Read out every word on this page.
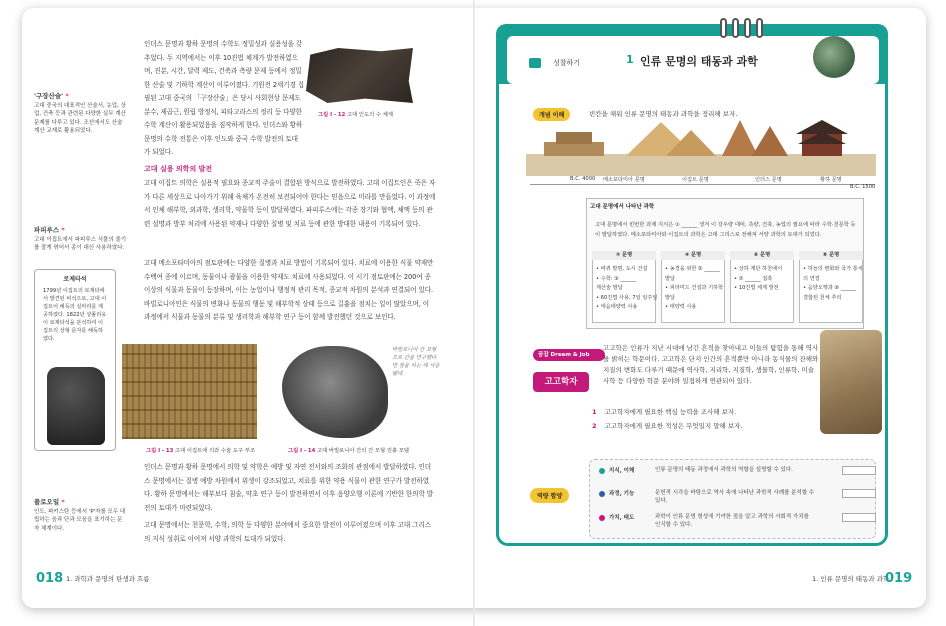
'구장산술' *
고대 중국의 대표적인 산술서, 농업, 상업, 건축 등과 관련된 다양한 실무 계산 문제를 다루고 있다. 조선에서도 산술 계산 교재로 활용되었다.
파피루스 *
고대 이집트에서 파피루스 식물의 줄기를 잘게 엮어서 종이 대신 사용하였다.
로제타석
1799년 이집트의 로제타에서 발견된 비석으로, 고대 이집트어 해독의 실마리를 제공하였다. 1822년 샹폴리옹이 로제타석을 분석하여 이집트의 상형 문자를 해독하였다.
플로오일 *
인도, 파키스탄 등에서 'P'자를 모두 대립하는 음과 단과 모음을 표기하는 문자 체계이다.
인더스 문명과 황하 문명의 수학도 정밀성과 실용성을 갖추었다. 두 지역에서는 이후 10진법 체계가 발전하였으며, 진분, 시간, 달력 제도, 건축과 측량 문제 등에서 정밀한 산술 및 기하학 계산이 이루어졌다. 기원전 2세기경 집필된 고대 중국의 「구장산술」은 당시 사회현상 문제도 분수, 제곱근, 원립 방정식, 피타고라스의 정리 등 다양한 수학 계산이 활용되었음을 짐작하게 한다. 인더스와 황하 문명의 수학 전통은 이후 인도와 중국 수학 발전의 토대가 되었다.
그림 I - 12 고대 인도의 수 체계
고대 실용 의학의 발전
고대 이집트 의학은 실용적 필요와 종교적 주술이 결합된 방식으로 발전하였다. 고대 이집트인은 죽은 자가 다른 세상으로 나아가기 위해 육체가 온전히 보전되어야 한다는 믿음으로 미라를 만들었다. 이 과정에서 인체 해부학, 외과학, 생리학, 약물학 등이 발달하였다. 파피루스에는 각종 장기와 협액, 체액 등의 관련 설명과 방부 처리에 사용된 약재나 다양한 질병 및 치료 등에 관한 방대한 내용이 기록되어 있다.
고대 메소포타미아의 점토판에는 다양한 질병과 치료 방법이 기록되어 있다. 치료에 이용한 식물 약재만 수백여 종에 이르며, 동물이나 광물을 이용한 약재도 치료에 사용되었다. 이 시기 점토판에는 200여 종 이상의 식물과 동물이 등장하며, 이는 농업이나 행정적 관리 목적, 종교적 차원의 분석과 연결되어 있다. 바빌로니아인은 식물의 변화나 동물의 행동 및 해부학적 상태 등으로 길흉을 점치는 일이 많았으며, 이 과정에서 식물과 동물의 분류 및 생리학과 해부학 연구 등이 함께 발전했던 것으로 보인다.
바빌로니아 간 모형으로 간을 연구했다면 점을 치는 데 사용됐대.
그림 I - 13 고대 이집트에 의과 수술 도구 부조	그림 I - 14 고대 바빌로니아 간의 간 모형 진흙 모델
인더스 문명과 황하 문명에서 의학 및 약학은 예방 및 자연 전서와의 조화의 관점에서 발달하였다. 인더스 문명에서는 질병 예방 차원에서 위생이 강조되었고, 치료를 위한 약용 식물이 관한 연구가 발전하였다. 황하 문명에서는 해부보다 침술, 약초 연구 등이 발전하면서 이후 음양오행 이론에 기반한 한의학 발전의 토대가 마련되었다.
고대 문명에서는 천문학, 수학, 의학 등 다양한 분야에서 중요한 발전이 이루어졌으며 이후 고대 그리스의 지식 성취로 이어져 서양 과학의 토대가 되었다.
018 1. 과학과 문명의 탄생과 흐름
성찰하기	1 인류 문명의 태동과 과학
개념 이해	빈칸을 채워 인류 문명의 태동과 과학을 정리해 보자.
B.C. 4000 메소포타미아 문명	이집트 문명	인더스 문명	황하 문명
B.C. 1500
고대 문명에서 나타난 과학
고대 문명에서 빈번한 과제 지식은 ① ______ 생겨 이 강우량 대비, 측량, 건축, 농업의 필요에 따라 수학·천문학 등이 발달하였다. 메소포타미아와 이집트의 과학은 고대 그리스로 전해져 서양 과학의 토대가 되었다.
② 문명
• 바퀴 발명, 도시 건설
• 수학: ③ ______
계산술 발달
• 60진법 사용, 7일 일주일
• 태음태양력 사용
④ 문명
• 농경을 위한 ⑤ ______
발달
• 피라미드 건설과 기하학
발달
• 태양력 사용
⑥ 문명
• 상하 계단 하천에서
• ⑦ ______ 접촉
• 10진법 체계 발전
⑧ 문명
• 하늘의 변화와 국가 통치
의 연결
• 음양오행과 ⑨ ______
결합된 천체 추리
꿈잡 Dream & Job
고고학자
고고학은 인류가 지난 시대에 남긴 흔적을 찾아내고 이들의 탐험을 통해 역사를 밝히는 학문이다. 고고학은 단지 인간의 흔적뿐만 아니라 동식물의 잔해와 지질의 변화도 다루기 때문에 역사학, 지리학, 지질학, 생물학, 인류학, 미술사학 등 다양한 학문 분야와 밀접하게 연관되어 있다.
1 고고학자에게 필요한 핵심 능력을 조사해 보자.
2 고고학자에게 필요한 적성은 무엇일지 말해 보자.
역량 함양
지식, 이해	인류 문명의 태동 과정에서 과학의 역할을 설명할 수 있다.
과정, 기능	문헌적 시각을 바탕으로 역사 속에 나타난 과학적 사례를 분석할 수 있다.
가치, 태도	과학이 인류 문명 형성에 기여한 점을 알고 과학의 사회적 가치를 인식할 수 있다.
1. 인류 문명의 태동과 과학
019
